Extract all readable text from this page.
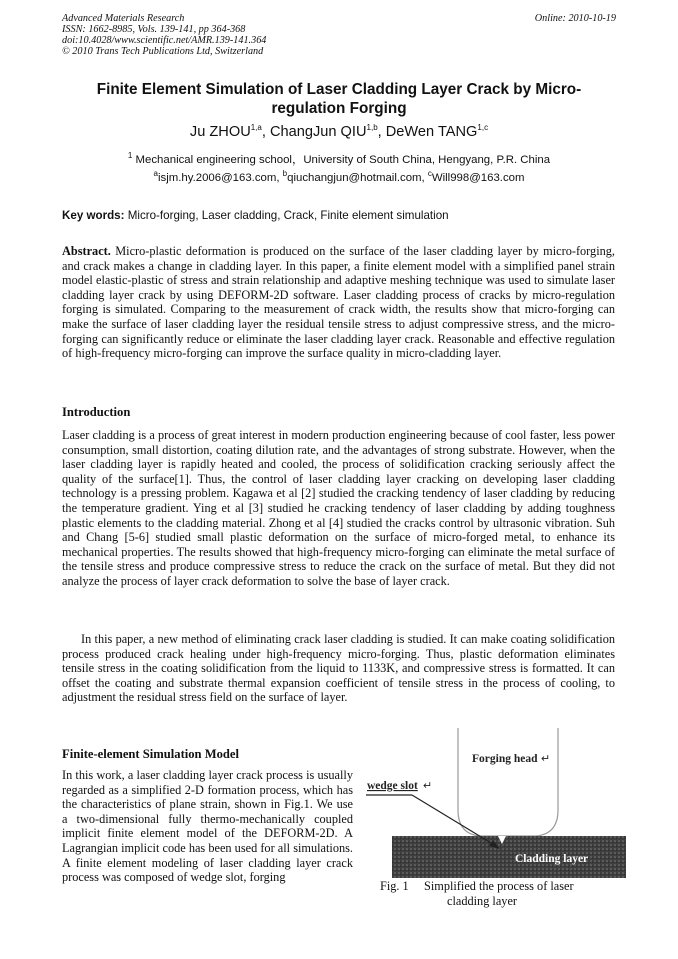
Advanced Materials Research
ISSN: 1662-8985, Vols. 139-141, pp 364-368
doi:10.4028/www.scientific.net/AMR.139-141.364
© 2010 Trans Tech Publications Ltd, Switzerland
Online: 2010-10-19
Finite Element Simulation of Laser Cladding Layer Crack by Micro-regulation Forging
Ju ZHOU$^{1,a}$, ChangJun QIU$^{1,b}$, DeWen TANG$^{1,c}$
$^1$ Mechanical engineering school，University of South China, Hengyang, P.R. China
$^a$isjm.hy.2006@163.com, $^b$qiuchangjun@hotmail.com, $^c$Will998@163.com
Key words: Micro-forging, Laser cladding, Crack, Finite element simulation
Abstract. Micro-plastic deformation is produced on the surface of the laser cladding layer by micro-forging, and crack makes a change in cladding layer. In this paper, a finite element model with a simplified panel strain model elastic-plastic of stress and strain relationship and adaptive meshing technique was used to simulate laser cladding layer crack by using DEFORM-2D software. Laser cladding process of cracks by micro-regulation forging is simulated. Comparing to the measurement of crack width, the results show that micro-forging can make the surface of laser cladding layer the residual tensile stress to adjust compressive stress, and the micro-forging can significantly reduce or eliminate the laser cladding layer crack. Reasonable and effective regulation of high-frequency micro-forging can improve the surface quality in micro-cladding layer.
Introduction
Laser cladding is a process of great interest in modern production engineering because of cool faster, less power consumption, small distortion, coating dilution rate, and the advantages of strong substrate. However, when the laser cladding layer is rapidly heated and cooled, the process of solidification cracking seriously affect the quality of the surface[1]. Thus, the control of laser cladding layer cracking on developing laser cladding technology is a pressing problem. Kagawa et al [2] studied the cracking tendency of laser cladding by reducing the temperature gradient. Ying et al [3] studied he cracking tendency of laser cladding by adding toughness plastic elements to the cladding material. Zhong et al [4] studied the cracks control by ultrasonic vibration. Suh and Chang [5-6] studied small plastic deformation on the surface of micro-forged metal, to enhance its mechanical properties. The results showed that high-frequency micro-forging can eliminate the metal surface of the tensile stress and produce compressive stress to reduce the crack on the surface of metal. But they did not analyze the process of layer crack deformation to solve the base of layer crack.
In this paper, a new method of eliminating crack laser cladding is studied. It can make coating solidification process produced crack healing under high-frequency micro-forging. Thus, plastic deformation eliminates tensile stress in the coating solidification from the liquid to 1133K, and compressive stress is formatted. It can offset the coating and substrate thermal expansion coefficient of tensile stress in the process of cooling, to adjustment the residual stress field on the surface of layer.
Finite-element Simulation Model
In this work, a laser cladding layer crack process is usually regarded as a simplified 2-D formation process, which has the characteristics of plane strain, shown in Fig.1. We use a two-dimensional fully thermo-mechanically coupled implicit finite element model of the DEFORM-2D. A Lagrangian implicit code has been used for all simulations. A finite element modeling of laser cladding layer crack process was composed of wedge slot, forging
Forging head ↵
Cladding layer
wedge slot ↵
Fig. 1 Simplified the process of laser
cladding layer
